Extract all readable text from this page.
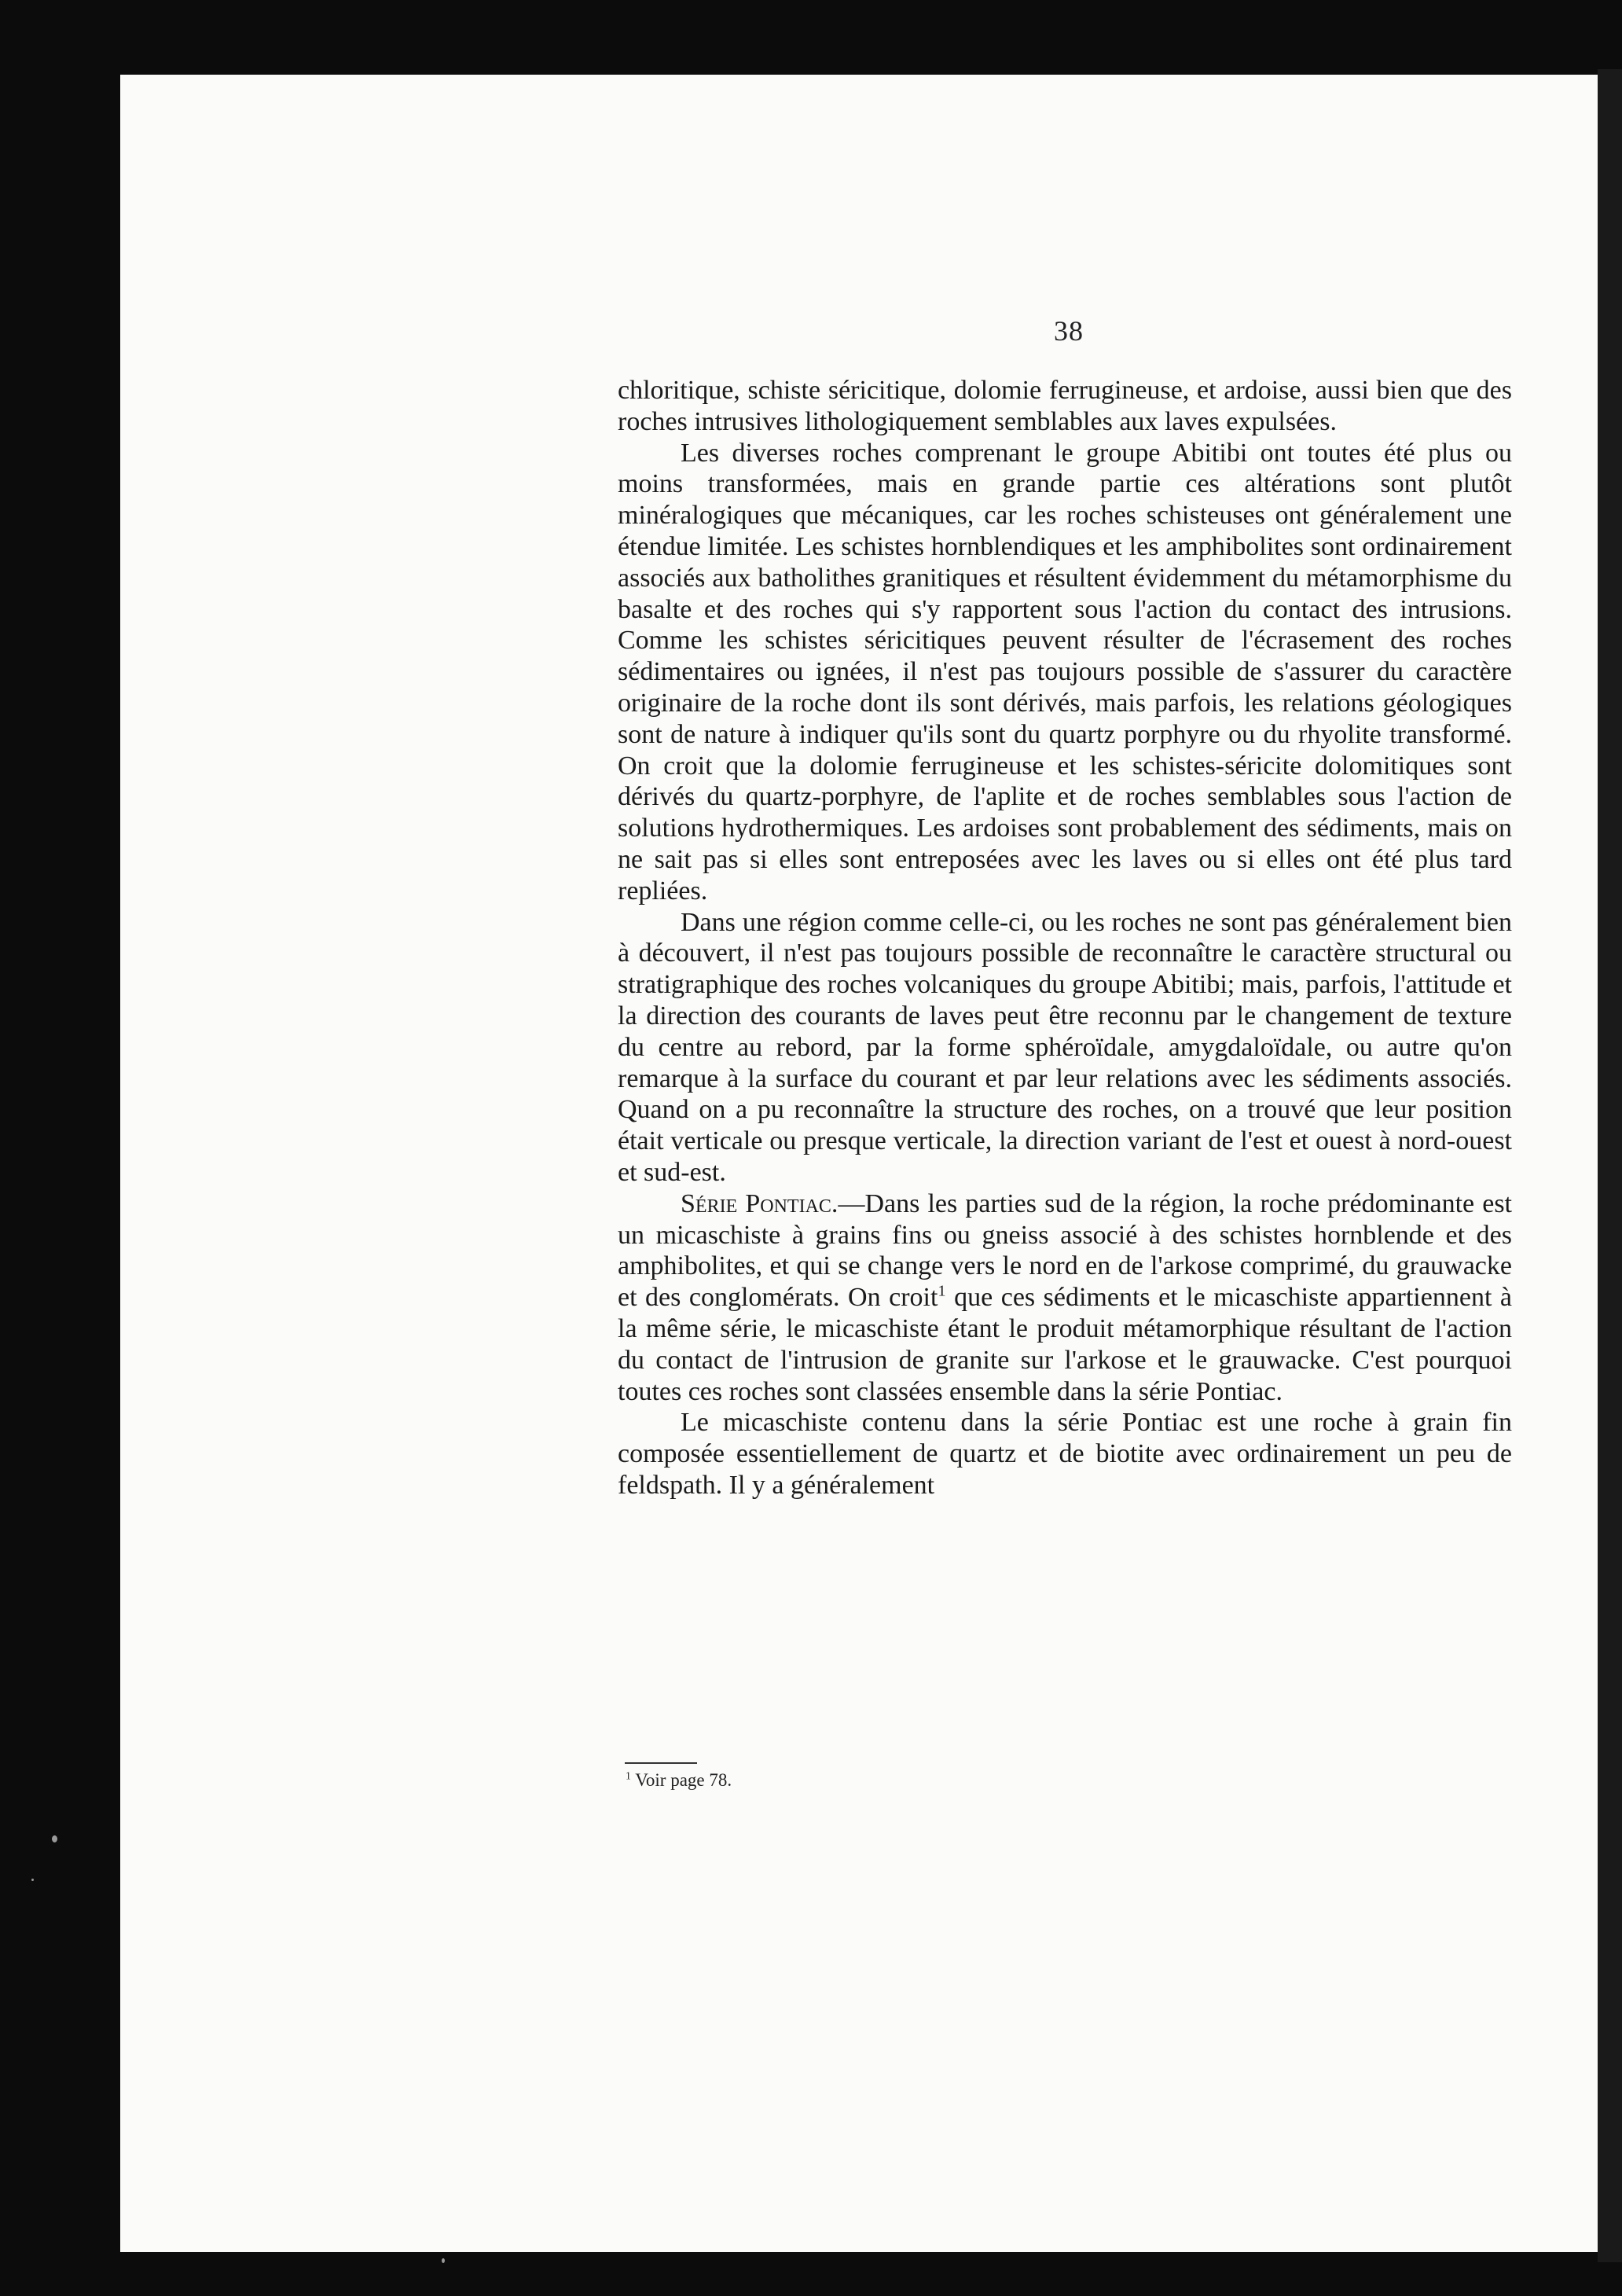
38

chloritique, schiste séricitique, dolomie ferrugineuse, et ardoise, aussi bien que des roches intrusives lithologiquement semblables aux laves expulsées.

Les diverses roches comprenant le groupe Abitibi ont toutes été plus ou moins transformées, mais en grande partie ces altérations sont plutôt minéralogiques que mécaniques, car les roches schisteuses ont généralement une étendue limitée. Les schistes hornblendiques et les amphibolites sont ordinairement associés aux batholithes granitiques et résultent évidemment du métamorphisme du basalte et des roches qui s'y rapportent sous l'action du contact des intrusions. Comme les schistes séricitiques peuvent résulter de l'écrasement des roches sédimentaires ou ignées, il n'est pas toujours possible de s'assurer du caractère originaire de la roche dont ils sont dérivés, mais parfois, les relations géologiques sont de nature à indiquer qu'ils sont du quartz porphyre ou du rhyolite transformé. On croit que la dolomie ferrugineuse et les schistes-séricite dolomitiques sont dérivés du quartz-porphyre, de l'aplite et de roches semblables sous l'action de solutions hydrothermiques. Les ardoises sont probablement des sédiments, mais on ne sait pas si elles sont entreposées avec les laves ou si elles ont été plus tard repliées.

Dans une région comme celle-ci, ou les roches ne sont pas généralement bien à découvert, il n'est pas toujours possible de reconnaître le caractère structural ou stratigraphique des roches volcaniques du groupe Abitibi; mais, parfois, l'attitude et la direction des courants de laves peut être reconnu par le changement de texture du centre au rebord, par la forme sphéroïdale, amygdaloïdale, ou autre qu'on remarque à la surface du courant et par leur relations avec les sédiments associés. Quand on a pu reconnaître la structure des roches, on a trouvé que leur position était verticale ou presque verticale, la direction variant de l'est et ouest à nord-ouest et sud-est.

Série Pontiac.—Dans les parties sud de la région, la roche prédominante est un micaschiste à grains fins ou gneiss associé à des schistes hornblende et des amphibolites, et qui se change vers le nord en de l'arkose comprimé, du grauwacke et des conglomérats. On croit$^1$ que ces sédiments et le micaschiste appartiennent à la même série, le micaschiste étant le produit métamorphique résultant de l'action du contact de l'intrusion de granite sur l'arkose et le grauwacke. C'est pourquoi toutes ces roches sont classées ensemble dans la série Pontiac.

Le micaschiste contenu dans la série Pontiac est une roche à grain fin composée essentiellement de quartz et de biotite avec ordinairement un peu de feldspath. Il y a généralement

$^1$ Voir page 78.
